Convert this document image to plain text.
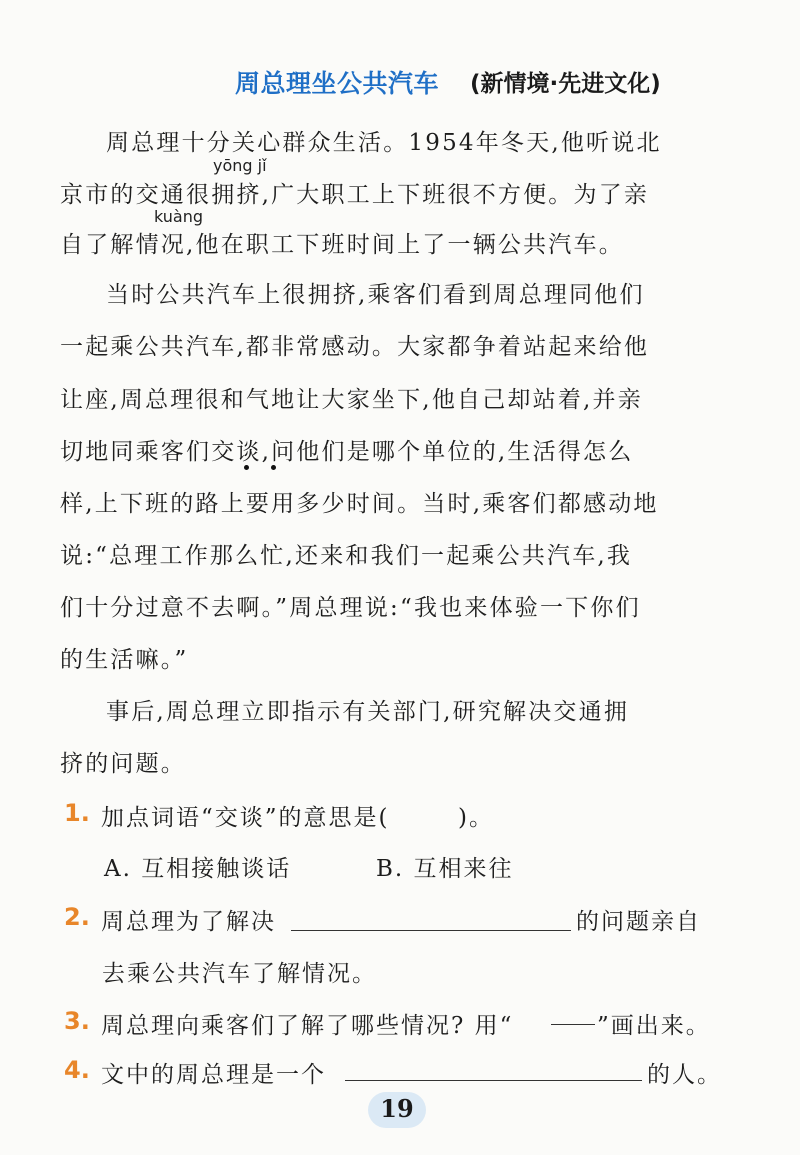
周总理坐公共汽车 (新情境·先进文化)
周总理十分关心群众生活。1954年冬天,他听说北
yōng jǐ
京市的交通很拥挤,广大职工上下班很不方便。为了亲
kuàng
自了解情况,他在职工下班时间上了一辆公共汽车。
当时公共汽车上很拥挤,乘客们看到周总理同他们
一起乘公共汽车,都非常感动。大家都争着站起来给他
让座,周总理很和气地让大家坐下,他自己却站着,并亲
切地同乘客们交谈,问他们是哪个单位的,生活得怎么
样,上下班的路上要用多少时间。当时,乘客们都感动地
说:“总理工作那么忙,还来和我们一起乘公共汽车,我
们十分过意不去啊。”周总理说:“我也来体验一下你们
的生活嘛。”
事后,周总理立即指示有关部门,研究解决交通拥
挤的问题。
1. 加点词语“交谈”的意思是(	)。
A. 互相接触谈话	B. 互相来往
2. 周总理为了解决	的问题亲自
去乘公共汽车了解情况。
3. 周总理向乘客们了解了哪些情况? 用“	”画出来。
4. 文中的周总理是一个	的人。
19
